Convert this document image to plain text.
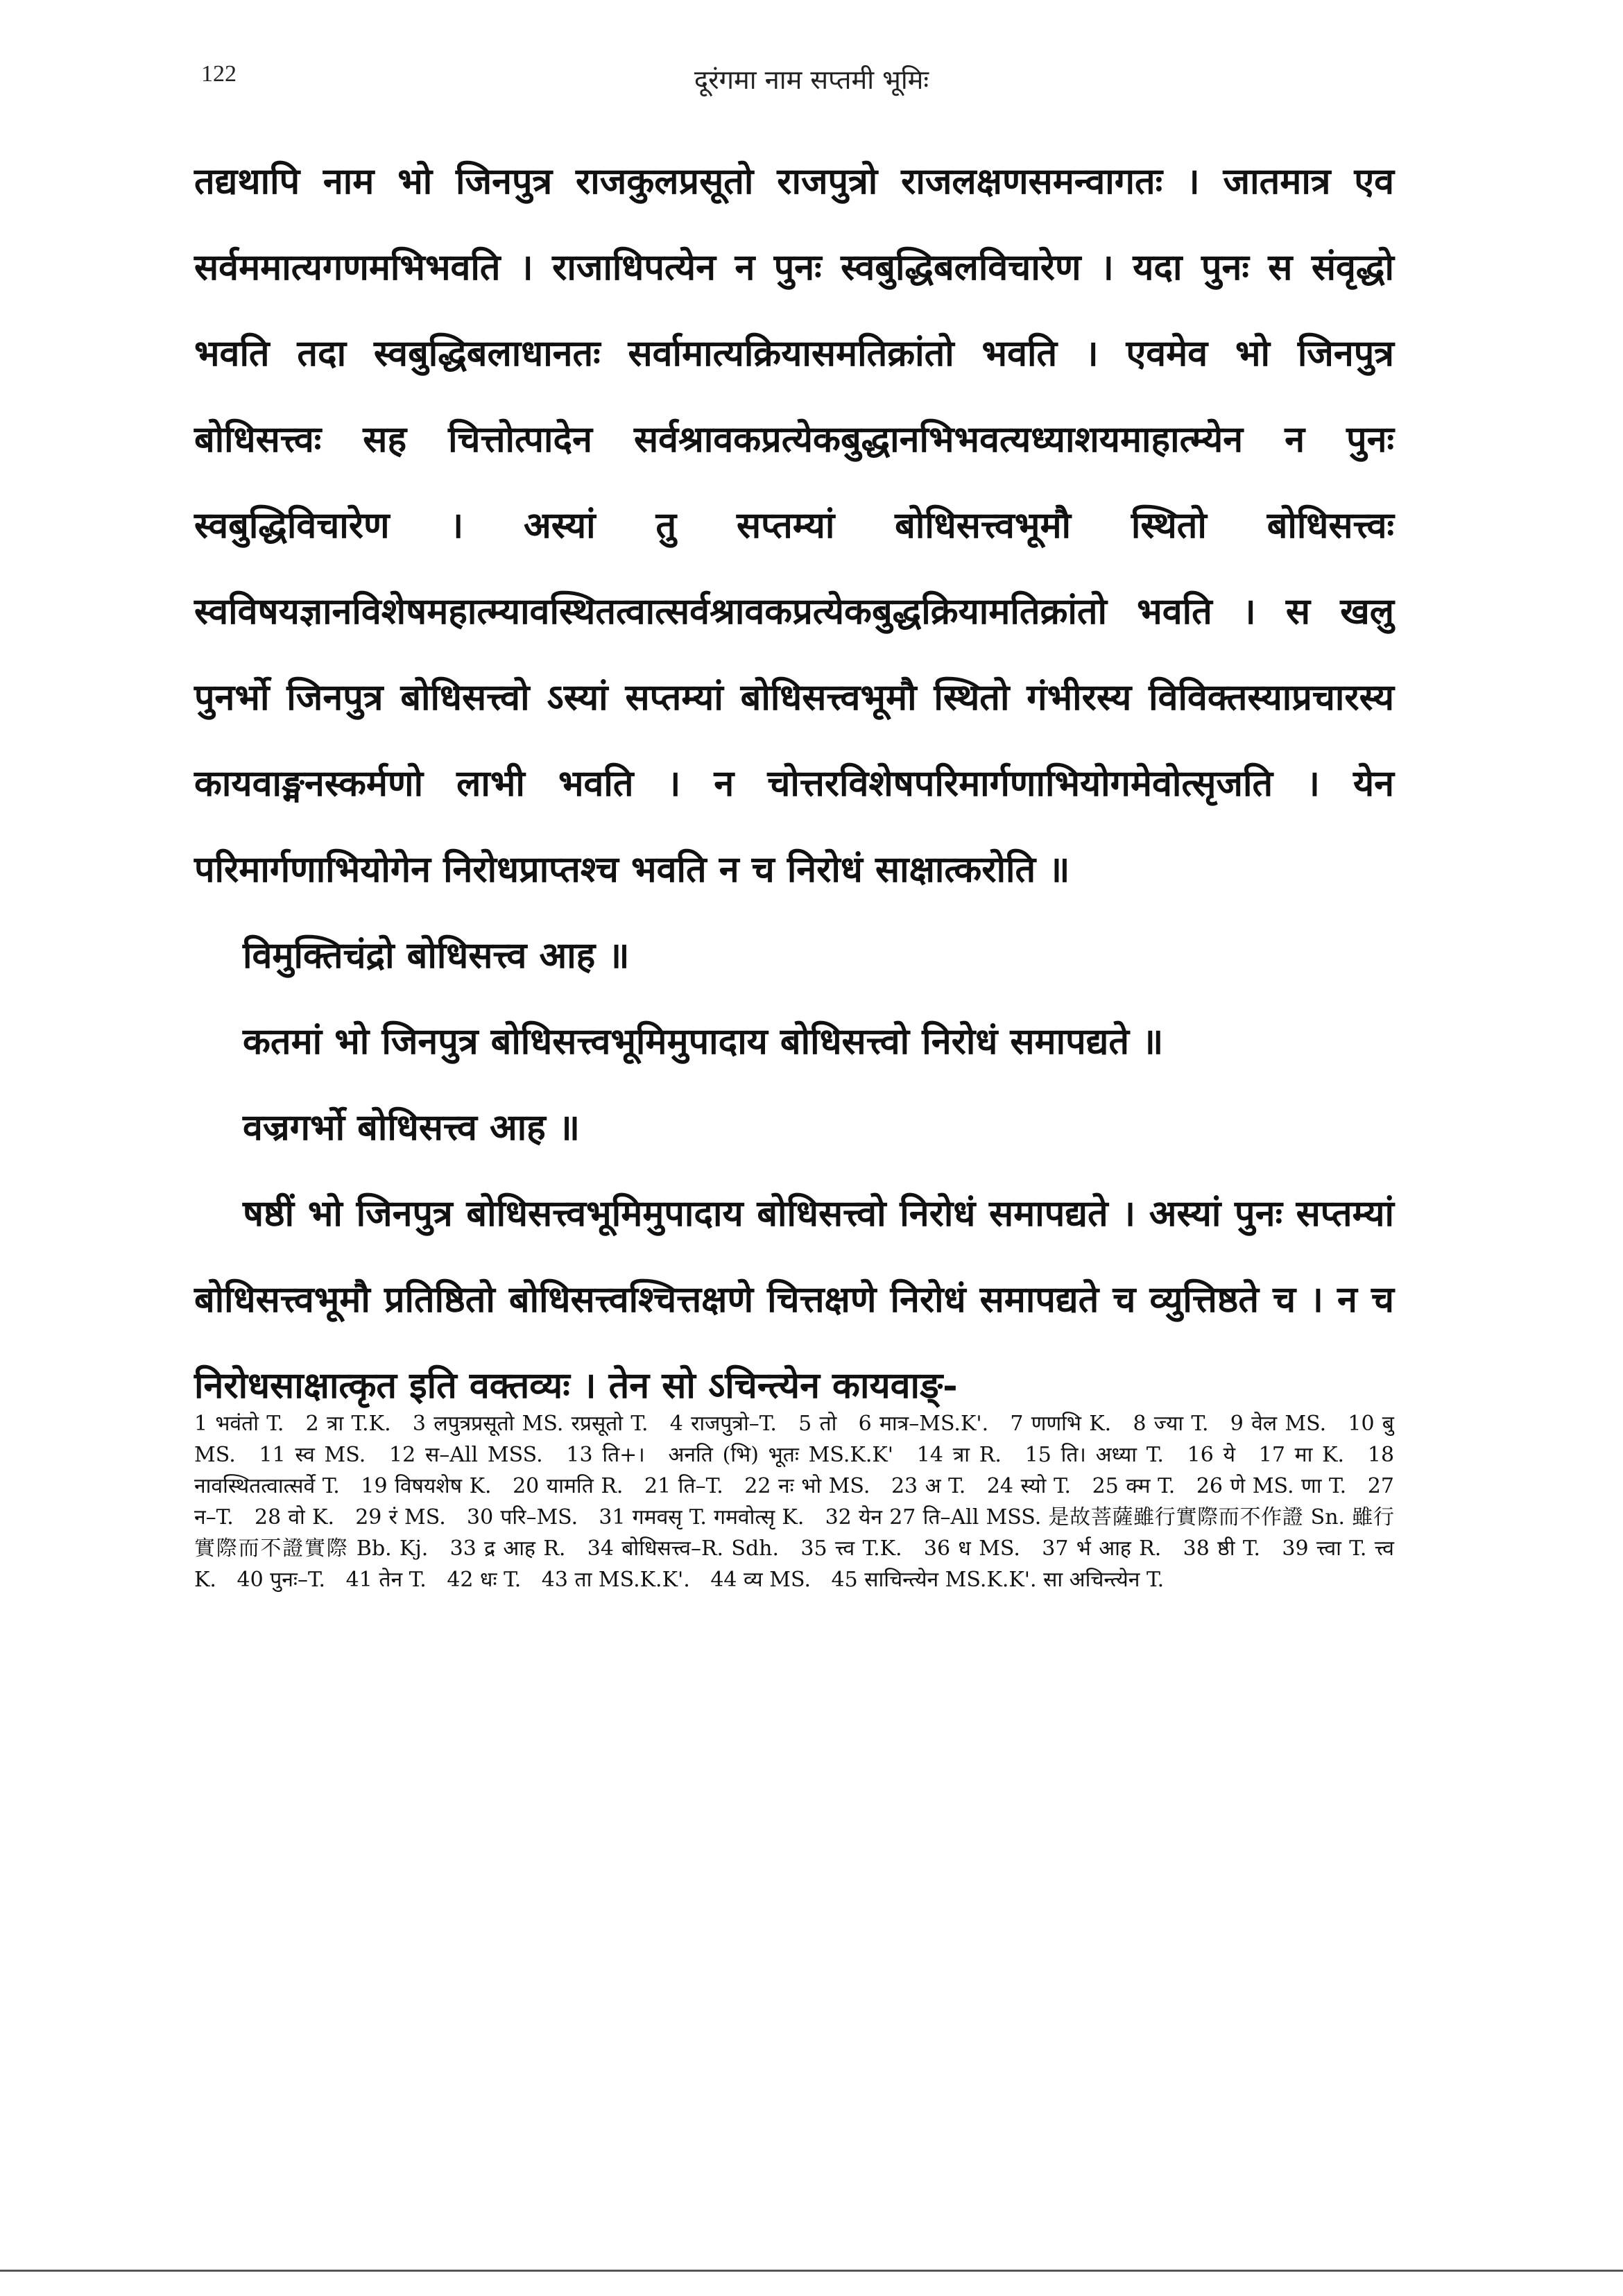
122	दूरंगमा नाम सप्तमी भूमिः

तद्यथापि नाम भो जिनपुत्र राजकुलप्रसूतो राजपुत्रो राजलक्षणसमन्वागतः । जातमात्र एव सर्वममात्यगणमभिभवति । राजाधिपत्येन न पुनः स्वबुद्धिबलविचारेण । यदा पुनः स संवृद्धो भवति तदा स्वबुद्धिबलाधानतः सर्वामात्यक्रियासमतिक्रांतो भवति । एवमेव भो जिनपुत्र बोधिसत्त्वः सह चित्तोत्पादेन सर्वश्रावकप्रत्येकबुद्धानभिभवत्यध्याशयमाहात्म्येन न पुनः स्वबुद्धिविचारेण । अस्यां तु सप्तम्यां बोधिसत्त्वभूमौ स्थितो बोधिसत्त्वः स्वविषयज्ञानविशेषमहात्म्यावस्थितत्वात्सर्वश्रावकप्रत्येकबुद्धक्रियामतिक्रांतो भवति । स खलु पुनर्भो जिनपुत्र बोधिसत्त्वो ऽस्यां सप्तम्यां बोधिसत्त्वभूमौ स्थितो गंभीरस्य विविक्तस्याप्रचारस्य कायवाङ्मनस्कर्मणो लाभी भवति । न चोत्तरविशेषपरिमार्गणाभियोगमेवोत्सृजति । येन परिमार्गणाभियोगेन निरोधप्राप्तश्च भवति न च निरोधं साक्षात्करोति ॥

विमुक्तिचंद्रो बोधिसत्त्व आह ॥

कतमां भो जिनपुत्र बोधिसत्त्वभूमिमुपादाय बोधिसत्त्वो निरोधं समापद्यते ॥

वज्रगर्भो बोधिसत्त्व आह ॥

षष्ठीं भो जिनपुत्र बोधिसत्त्वभूमिमुपादाय बोधिसत्त्वो निरोधं समापद्यते । अस्यां पुनः सप्तम्यां बोधिसत्त्वभूमौ प्रतिष्ठितो बोधिसत्त्वश्चित्तक्षणे चित्तक्षणे निरोधं समापद्यते च व्युत्तिष्ठते च । न च निरोधसाक्षात्कृत इति वक्तव्यः । तेन सो ऽचिन्त्येन कायवाङ्-

1 भवंतो T. 2 त्रा T.K. 3 लपुत्रप्रसूतो MS. रप्रसूतो T. 4 राजपुत्रो–T. 5 तो 6 मात्र–MS.K'. 7 णणभि K. 8 ज्या T. 9 वेल MS. 10 बु MS. 11 स्व MS. 12 स–All MSS. 13 ति+। अनति (भि) भूतः MS.K.K' 14 त्रा R. 15 ति। अध्या T. 16 ये 17 मा K. 18 नावस्थितत्वात्सर्वे T. 19 विषयशेष K. 20 यामति R. 21 ति–T. 22 नः भो MS. 23 अ T. 24 स्यो T. 25 क्म T. 26 णे MS. णा T. 27 न–T. 28 वो K. 29 रं MS. 30 परि–MS. 31 गमवसृ T. गमवोत्सृ K. 32 येन 27 ति–All MSS. 是故菩薩雖行實際而不作證 Sn. 雖行實際而不證實際 Bb. Kj. 33 द्र आह R. 34 बोधिसत्त्व–R. Sdh. 35 त्त्व T.K. 36 ध MS. 37 र्भ आह R. 38 ष्ठी T. 39 त्त्वा T. त्त्व K. 40 पुनः–T. 41 तेन T. 42 धः T. 43 ता MS.K.K'. 44 व्य MS. 45 साचिन्त्येन MS.K.K'. सा अचिन्त्येन T.
